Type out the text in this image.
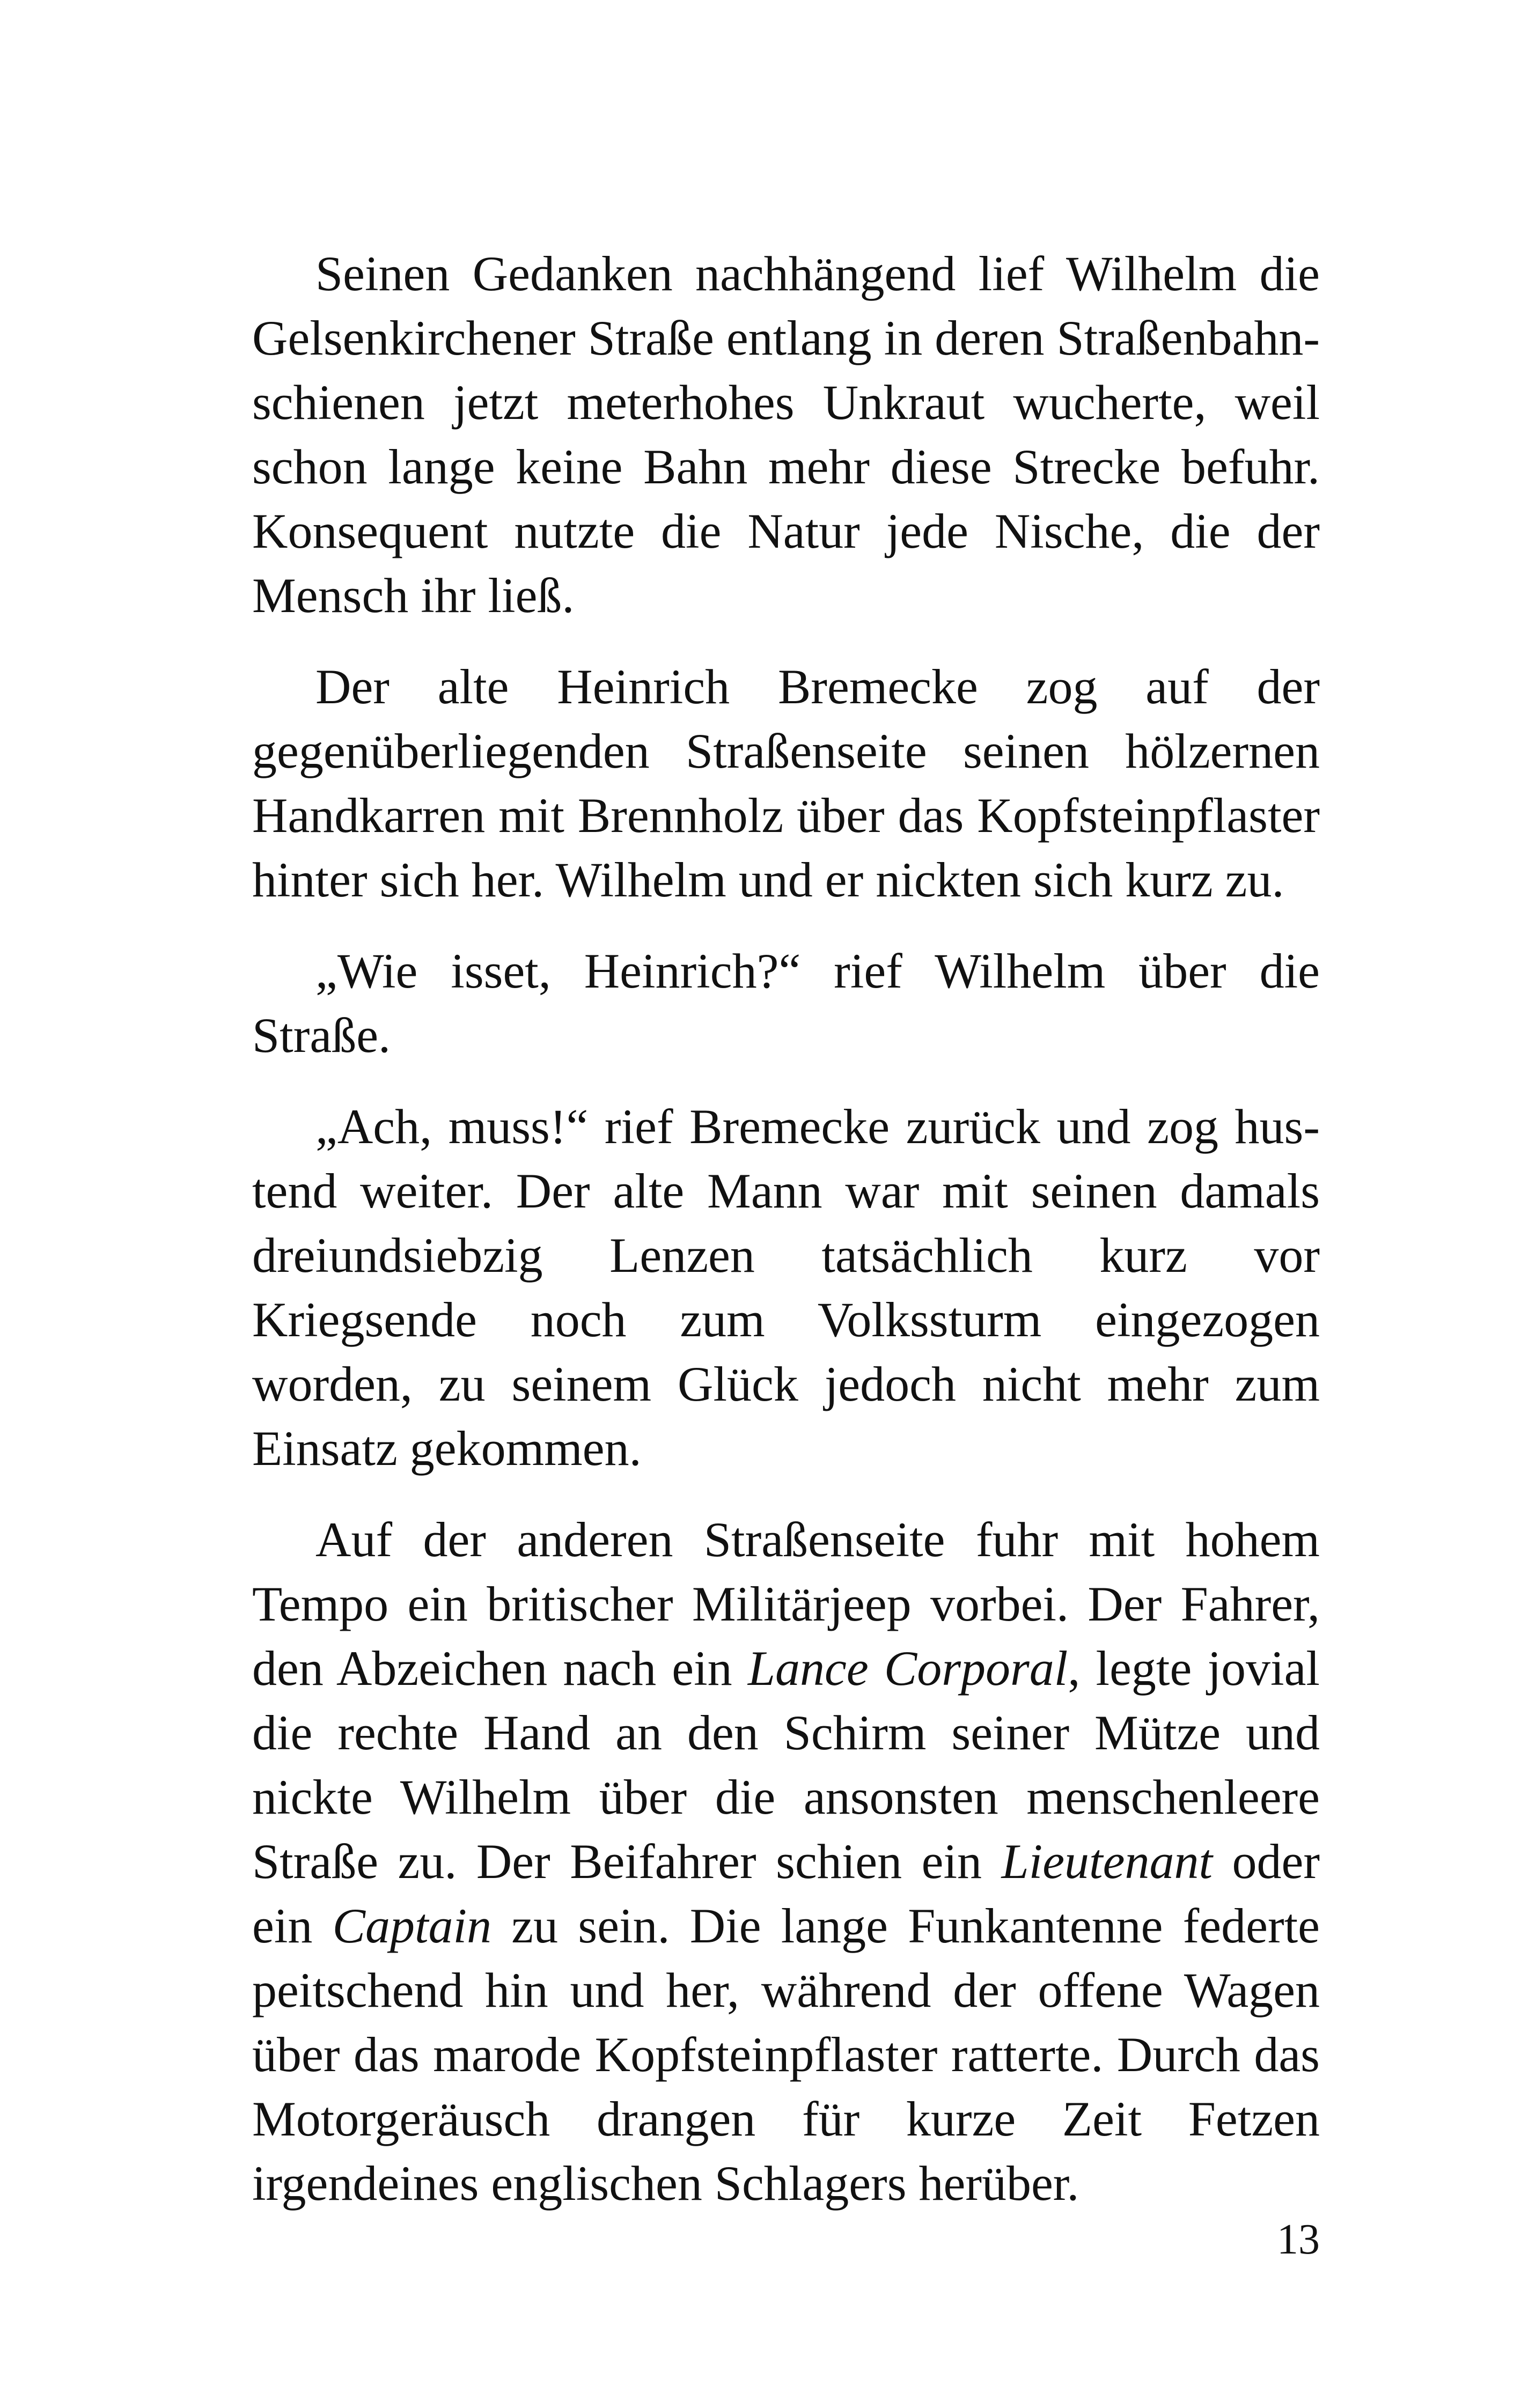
Seinen Gedanken nachhängend lief Wilhelm die Gelsenkirchener Straße entlang in deren Straßenbahnschienen jetzt meterhohes Unkraut wucherte, weil schon lange keine Bahn mehr diese Strecke befuhr. Konsequent nutzte die Natur jede Nische, die der Mensch ihr ließ.

Der alte Heinrich Bremecke zog auf der gegenüberliegenden Straßenseite seinen hölzernen Handkarren mit Brennholz über das Kopfsteinpflaster hinter sich her. Wilhelm und er nickten sich kurz zu.

„Wie isset, Heinrich?“ rief Wilhelm über die Straße.

„Ach, muss!“ rief Bremecke zurück und zog hustend weiter. Der alte Mann war mit seinen damals dreiundsiebzig Lenzen tatsächlich kurz vor Kriegsende noch zum Volkssturm eingezogen worden, zu seinem Glück jedoch nicht mehr zum Einsatz gekommen.

Auf der anderen Straßenseite fuhr mit hohem Tempo ein britischer Militärjeep vorbei. Der Fahrer, den Abzeichen nach ein Lance Corporal, legte jovial die rechte Hand an den Schirm seiner Mütze und nickte Wilhelm über die ansonsten menschenleere Straße zu. Der Beifahrer schien ein Lieutenant oder ein Captain zu sein. Die lange Funkantenne federte peitschend hin und her, während der offene Wagen über das marode Kopfsteinpflaster ratterte. Durch das Motorgeräusch drangen für kurze Zeit Fetzen irgendeines englischen Schlagers herüber.

13
